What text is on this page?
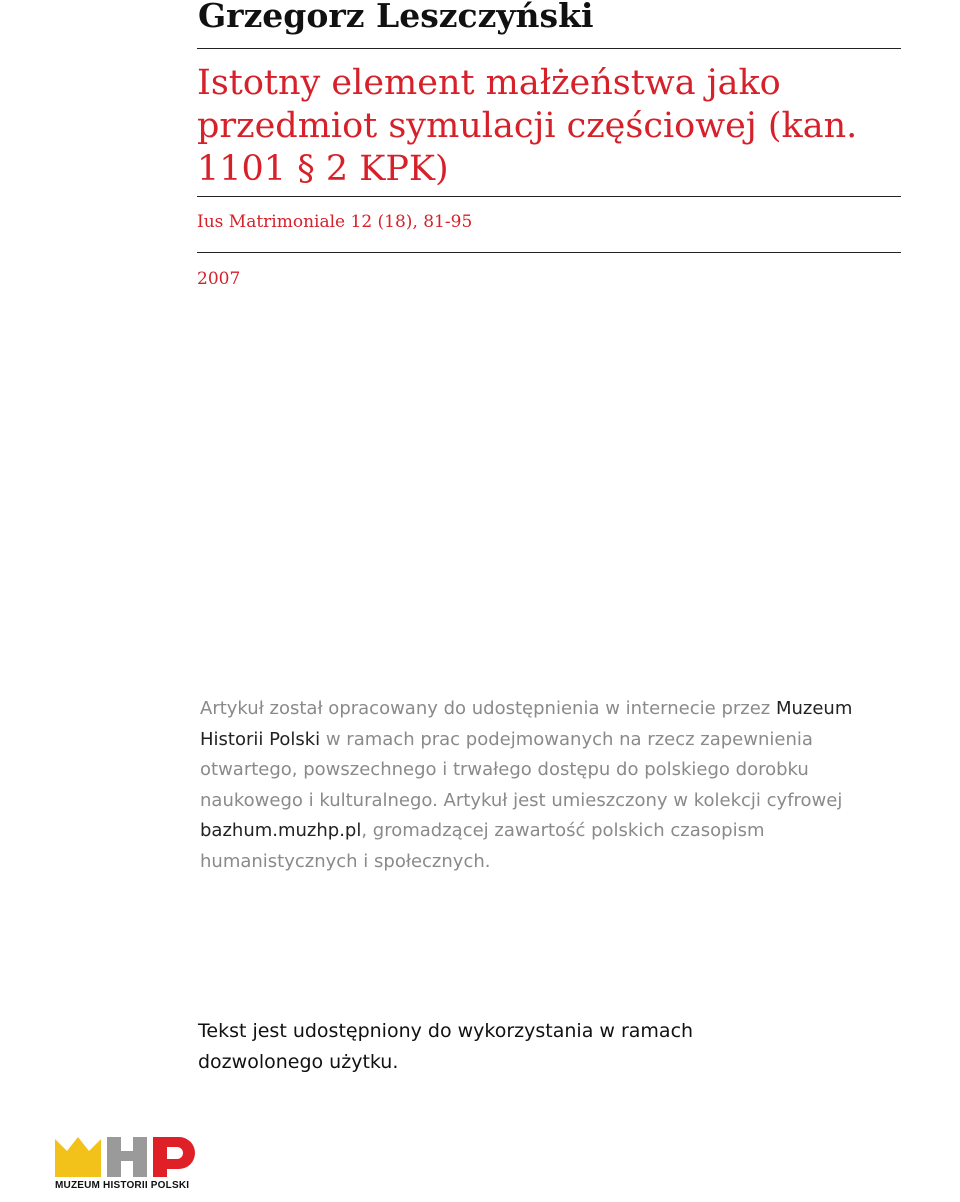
Grzegorz Leszczyński
Istotny element małżeństwa jako przedmiot symulacji częściowej (kan. 1101 § 2 KPK)

Ius Matrimoniale 12 (18), 81-95

2007

Artykuł został opracowany do udostępnienia w internecie przez Muzeum Historii Polski w ramach prac podejmowanych na rzecz zapewnienia otwartego, powszechnego i trwałego dostępu do polskiego dorobku naukowego i kulturalnego. Artykuł jest umieszczony w kolekcji cyfrowej bazhum.muzhp.pl, gromadzącej zawartość polskich czasopism humanistycznych i społecznych.

Tekst jest udostępniony do wykorzystania w ramach dozwolonego użytku.

MUZEUM HISTORII POLSKI
